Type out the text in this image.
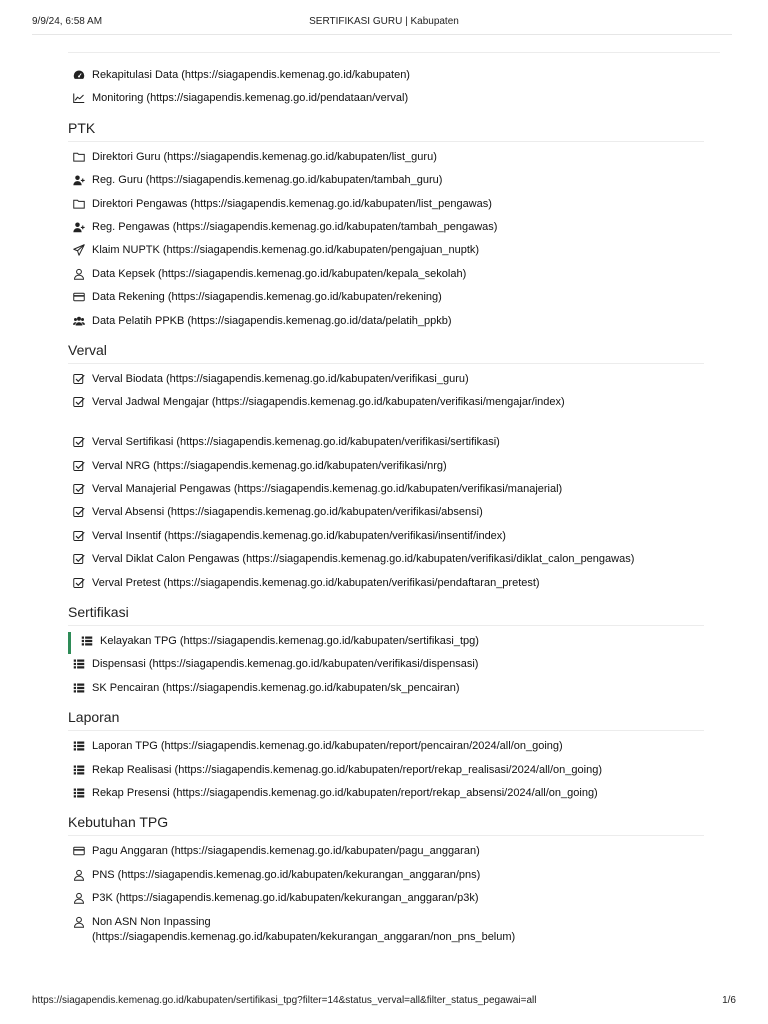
9/9/24, 6:58 AM	SERTIFIKASI GURU | Kabupaten
Rekapitulasi Data (https://siagapendis.kemenag.go.id/kabupaten)
Monitoring (https://siagapendis.kemenag.go.id/pendataan/verval)
PTK
Direktori Guru (https://siagapendis.kemenag.go.id/kabupaten/list_guru)
Reg. Guru (https://siagapendis.kemenag.go.id/kabupaten/tambah_guru)
Direktori Pengawas (https://siagapendis.kemenag.go.id/kabupaten/list_pengawas)
Reg. Pengawas (https://siagapendis.kemenag.go.id/kabupaten/tambah_pengawas)
Klaim NUPTK (https://siagapendis.kemenag.go.id/kabupaten/pengajuan_nuptk)
Data Kepsek (https://siagapendis.kemenag.go.id/kabupaten/kepala_sekolah)
Data Rekening (https://siagapendis.kemenag.go.id/kabupaten/rekening)
Data Pelatih PPKB (https://siagapendis.kemenag.go.id/data/pelatih_ppkb)
Verval
Verval Biodata (https://siagapendis.kemenag.go.id/kabupaten/verifikasi_guru)
Verval Jadwal Mengajar (https://siagapendis.kemenag.go.id/kabupaten/verifikasi/mengajar/index)
Verval Sertifikasi (https://siagapendis.kemenag.go.id/kabupaten/verifikasi/sertifikasi)
Verval NRG (https://siagapendis.kemenag.go.id/kabupaten/verifikasi/nrg)
Verval Manajerial Pengawas (https://siagapendis.kemenag.go.id/kabupaten/verifikasi/manajerial)
Verval Absensi (https://siagapendis.kemenag.go.id/kabupaten/verifikasi/absensi)
Verval Insentif (https://siagapendis.kemenag.go.id/kabupaten/verifikasi/insentif/index)
Verval Diklat Calon Pengawas (https://siagapendis.kemenag.go.id/kabupaten/verifikasi/diklat_calon_pengawas)
Verval Pretest (https://siagapendis.kemenag.go.id/kabupaten/verifikasi/pendaftaran_pretest)
Sertifikasi
Kelayakan TPG (https://siagapendis.kemenag.go.id/kabupaten/sertifikasi_tpg)
Dispensasi (https://siagapendis.kemenag.go.id/kabupaten/verifikasi/dispensasi)
SK Pencairan (https://siagapendis.kemenag.go.id/kabupaten/sk_pencairan)
Laporan
Laporan TPG (https://siagapendis.kemenag.go.id/kabupaten/report/pencairan/2024/all/on_going)
Rekap Realisasi (https://siagapendis.kemenag.go.id/kabupaten/report/rekap_realisasi/2024/all/on_going)
Rekap Presensi (https://siagapendis.kemenag.go.id/kabupaten/report/rekap_absensi/2024/all/on_going)
Kebutuhan TPG
Pagu Anggaran (https://siagapendis.kemenag.go.id/kabupaten/pagu_anggaran)
PNS (https://siagapendis.kemenag.go.id/kabupaten/kekurangan_anggaran/pns)
P3K (https://siagapendis.kemenag.go.id/kabupaten/kekurangan_anggaran/p3k)
Non ASN Non Inpassing (https://siagapendis.kemenag.go.id/kabupaten/kekurangan_anggaran/non_pns_belum)
https://siagapendis.kemenag.go.id/kabupaten/sertifikasi_tpg?filter=14&status_verval=all&filter_status_pegawai=all	1/6
